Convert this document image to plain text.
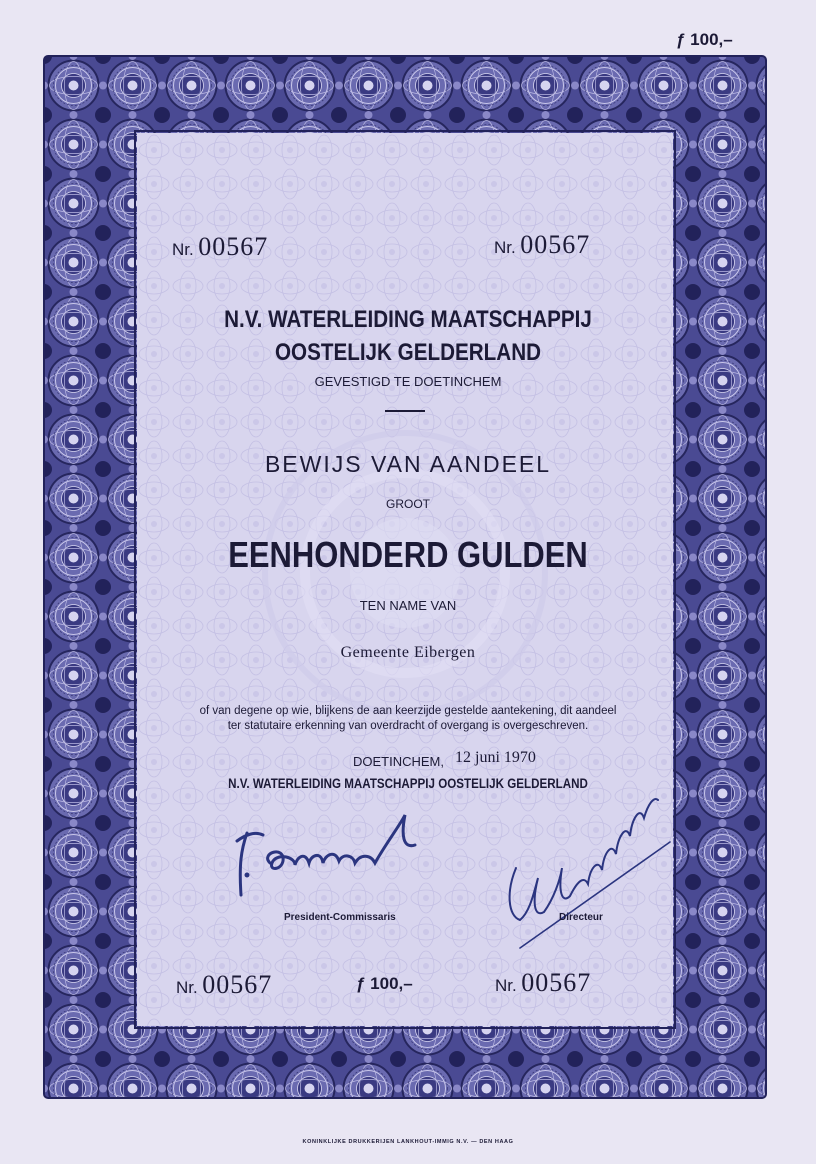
ƒ 100,–
Nr. 00567	Nr. 00567
N.V. WATERLEIDING MAATSCHAPPIJ
OOSTELIJK GELDERLAND
GEVESTIGD TE DOETINCHEM
BEWIJS VAN AANDEEL
GROOT
EENHONDERD GULDEN
TEN NAME VAN
Gemeente Eibergen
of van degene op wie, blijkens de aan keerzijde gestelde aantekening, dit aandeel
ter statutaire erkenning van overdracht of overgang is overgeschreven.
DOETINCHEM, 12 juni 1970
N.V. WATERLEIDING MAATSCHAPPIJ OOSTELIJK GELDERLAND
President-Commissaris	Directeur
Nr. 00567	ƒ 100,–	Nr. 00567
KONINKLIJKE DRUKKERIJEN LANKHOUT-IMMIG N.V. — DEN HAAG
